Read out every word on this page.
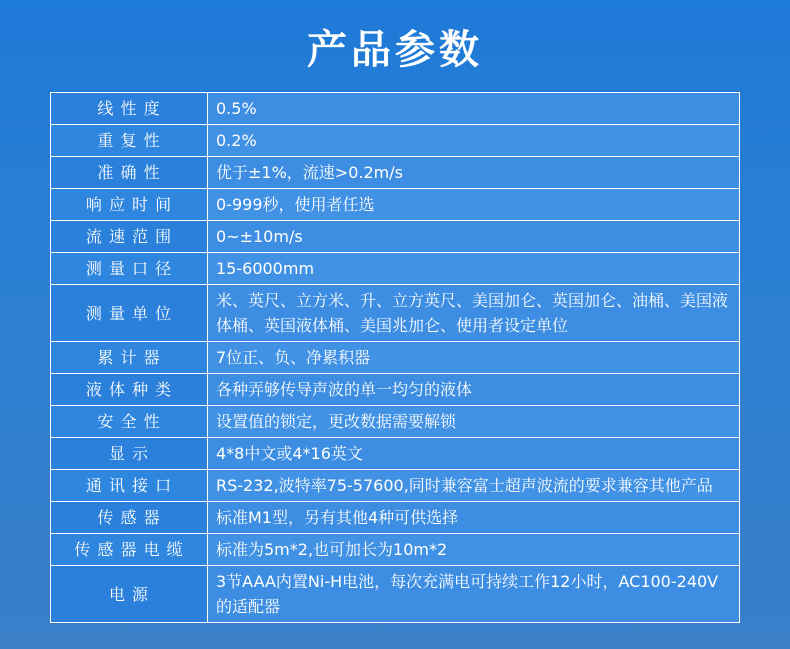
产品参数
线 性 度	0.5%
重 复 性	0.2%
准 确 性	优于±1%，流速>0.2m/s
响 应 时 间	0-999秒，使用者任选
流 速 范 围	0~±10m/s
测 量 口 径	15-6000mm
测 量 单 位	米、英尺、立方米、升、立方英尺、美国加仑、英国加仑、油桶、美国液体桶、英国液体桶、美国兆加仑、使用者设定单位
累 计 器	7位正、负、净累积器
液 体 种 类	各种弄够传导声波的单一均匀的液体
安 全 性	设置值的锁定，更改数据需要解锁
显 示	4*8中文或4*16英文
通 讯 接 口	RS-232,波特率75-57600,同时兼容富士超声波流的要求兼容其他产品
传 感 器	标准M1型，另有其他4种可供选择
传 感 器 电 缆	标准为5m*2,也可加长为10m*2
电 源	3节AAA内置Ni-H电池，每次充满电可持续工作12小时，AC100-240V的适配器
